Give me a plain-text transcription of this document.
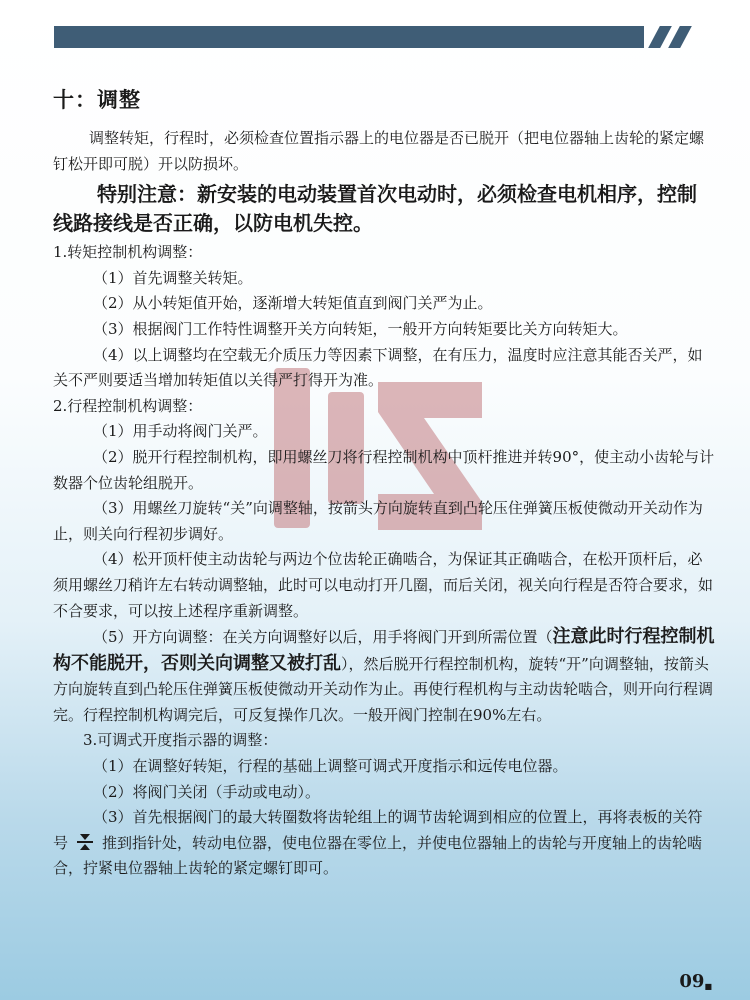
十：调整

调整转矩，行程时，必须检查位置指示器上的电位器是否已脱开（把电位器轴上齿轮的紧定螺钉松开即可脱）开以防损坏。

特别注意：新安装的电动装置首次电动时，必须检查电机相序，控制线路接线是否正确，以防电机失控。

1.转矩控制机构调整：

（1）首先调整关转矩。

（2）从小转矩值开始，逐渐增大转矩值直到阀门关严为止。

（3）根据阀门工作特性调整开关方向转矩，一般开方向转矩要比关方向转矩大。

（4）以上调整均在空载无介质压力等因素下调整，在有压力，温度时应注意其能否关严，如关不严则要适当增加转矩值以关得严打得开为准。

2.行程控制机构调整：

（1）用手动将阀门关严。

（2）脱开行程控制机构，即用螺丝刀将行程控制机构中顶杆推进并转90°，使主动小齿轮与计数器个位齿轮组脱开。

（3）用螺丝刀旋转“关”向调整轴，按箭头方向旋转直到凸轮压住弹簧压板使微动开关动作为止，则关向行程初步调好。

（4）松开顶杆使主动齿轮与两边个位齿轮正确啮合，为保证其正确啮合，在松开顶杆后，必须用螺丝刀稍许左右转动调整轴，此时可以电动打开几圈，而后关闭，视关向行程是否符合要求，如不合要求，可以按上述程序重新调整。

（5）开方向调整：在关方向调整好以后，用手将阀门开到所需位置（注意此时行程控制机构不能脱开，否则关向调整又被打乱），然后脱开行程控制机构，旋转“开”向调整轴，按箭头方向旋转直到凸轮压住弹簧压板使微动开关动作为止。再使行程机构与主动齿轮啮合，则开向行程调完。行程控制机构调完后，可反复操作几次。一般开阀门控制在90%左右。

3.可调式开度指示器的调整：

（1）在调整好转矩，行程的基础上调整可调式开度指示和远传电位器。

（2）将阀门关闭（手动或电动）。

（3）首先根据阀门的最大转圈数将齿轮组上的调节齿轮调到相应的位置上，再将表板的关符号 推到指针处，转动电位器，使电位器在零位上，并使电位器轴上的齿轮与开度轴上的齿轮啮合，拧紧电位器轴上齿轮的紧定螺钉即可。

09■
